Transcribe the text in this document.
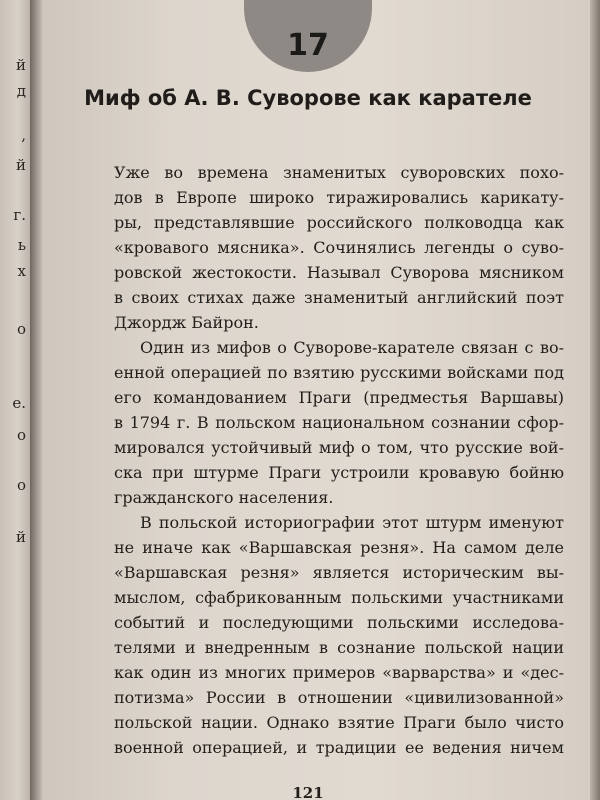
й
д
,
й
г.
ь
х
о
е.
о
о
й
17
Миф об А. В. Суворове как карателе
Уже во времена знаменитых суворовских похо-
дов в Европе широко тиражировались карикату-
ры, представлявшие российского полководца как
«кровавого мясника». Сочинялись легенды о суво-
ровской жестокости. Называл Суворова мясником
в своих стихах даже знаменитый английский поэт
Джордж Байрон.
Один из мифов о Суворове-карателе связан с во-
енной операцией по взятию русскими войсками под
его командованием Праги (предместья Варшавы)
в 1794 г. В польском национальном сознании сфор-
мировался устойчивый миф о том, что русские вой-
ска при штурме Праги устроили кровавую бойню
гражданского населения.
В польской историографии этот штурм именуют
не иначе как «Варшавская резня». На самом деле
«Варшавская резня» является историческим вы-
мыслом, сфабрикованным польскими участниками
событий и последующими польскими исследова-
телями и внедренным в сознание польской нации
как один из многих примеров «варварства» и «дес-
потизма» России в отношении «цивилизованной»
польской нации. Однако взятие Праги было чисто
военной операцией, и традиции ее ведения ничем
121
